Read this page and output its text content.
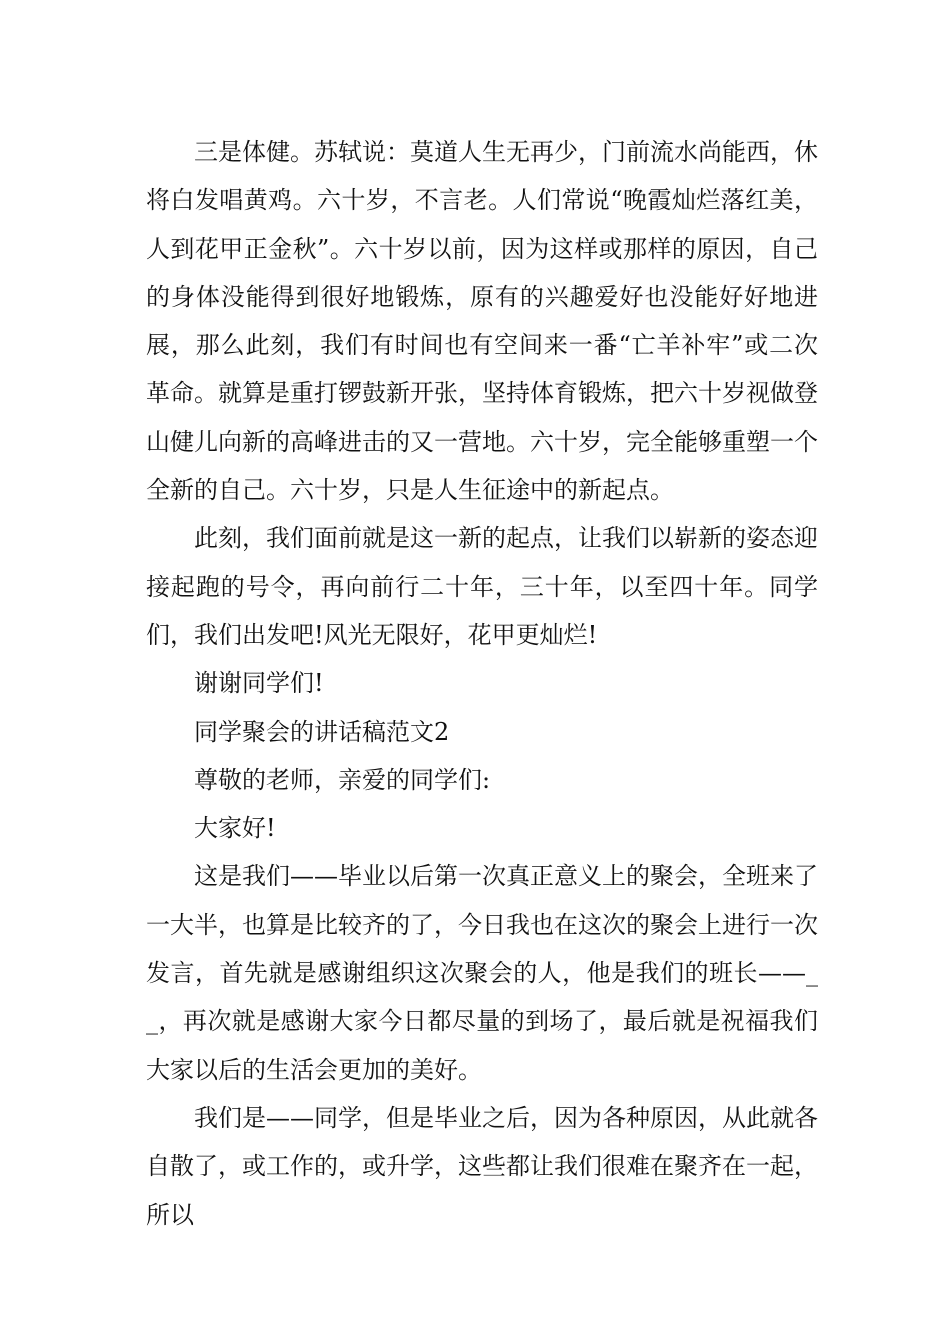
三是体健。苏轼说：莫道人生无再少，门前流水尚能西，休将白发唱黄鸡。六十岁，不言老。人们常说“晚霞灿烂落红美，人到花甲正金秋”。六十岁以前，因为这样或那样的原因，自己的身体没能得到很好地锻炼，原有的兴趣爱好也没能好好地进展，那么此刻，我们有时间也有空间来一番“亡羊补牢”或二次革命。就算是重打锣鼓新开张，坚持体育锻炼，把六十岁视做登山健儿向新的高峰进击的又一营地。六十岁，完全能够重塑一个全新的自己。六十岁，只是人生征途中的新起点。

此刻，我们面前就是这一新的起点，让我们以崭新的姿态迎接起跑的号令，再向前行二十年，三十年，以至四十年。同学们，我们出发吧!风光无限好，花甲更灿烂!

谢谢同学们!

同学聚会的讲话稿范文2

尊敬的老师，亲爱的同学们:

大家好!

这是我们——毕业以后第一次真正意义上的聚会，全班来了一大半，也算是比较齐的了，今日我也在这次的聚会上进行一次发言，首先就是感谢组织这次聚会的人，他是我们的班长——__，再次就是感谢大家今日都尽量的到场了，最后就是祝福我们大家以后的生活会更加的美好。

我们是——同学，但是毕业之后，因为各种原因，从此就各自散了，或工作的，或升学，这些都让我们很难在聚齐在一起，所以
